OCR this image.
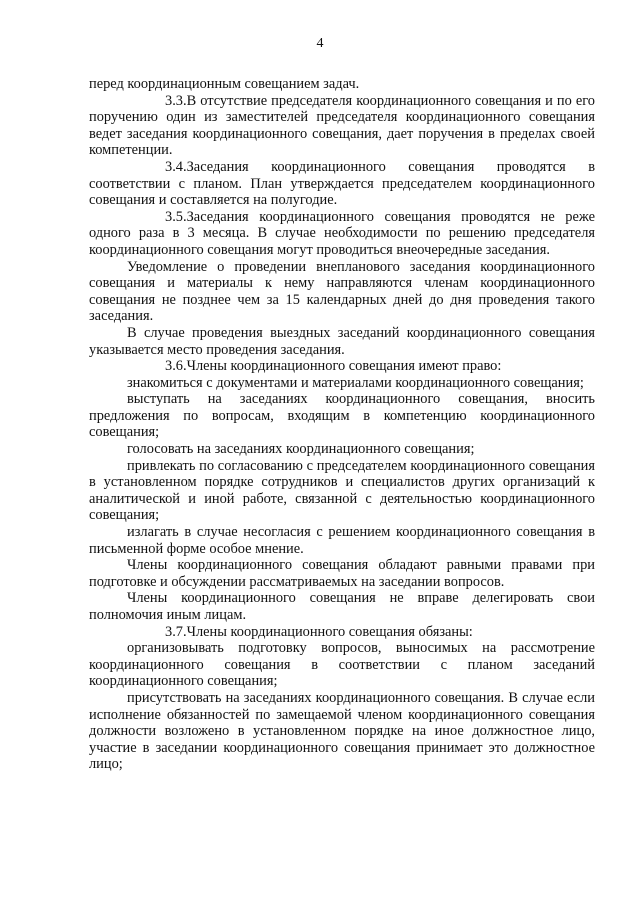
4

перед координационным совещанием задач.

3.3.В отсутствие председателя координационного совещания и по его поручению один из заместителей председателя координационного совещания ведет заседания координационного совещания, дает поручения в пределах своей компетенции.

3.4.Заседания координационного совещания проводятся в соответствии с планом. План утверждается председателем координационного совещания и составляется на полугодие.

3.5.Заседания координационного совещания проводятся не реже одного раза в 3 месяца. В случае необходимости по решению председателя координационного совещания могут проводиться внеочередные заседания.

Уведомление о проведении внепланового заседания координационного совещания и материалы к нему направляются членам координационного совещания не позднее чем за 15 календарных дней до дня проведения такого заседания.

В случае проведения выездных заседаний координационного совещания указывается место проведения заседания.

3.6.Члены координационного совещания имеют право:

знакомиться с документами и материалами координационного совещания;

выступать на заседаниях координационного совещания, вносить предложения по вопросам, входящим в компетенцию координационного совещания;

голосовать на заседаниях координационного совещания;

привлекать по согласованию с председателем координационного совещания в установленном порядке сотрудников и специалистов других организаций к аналитической и иной работе, связанной с деятельностью координационного совещания;

излагать в случае несогласия с решением координационного совещания в письменной форме особое мнение.

Члены координационного совещания обладают равными правами при подготовке и обсуждении рассматриваемых на заседании вопросов.

Члены координационного совещания не вправе делегировать свои полномочия иным лицам.

3.7.Члены координационного совещания обязаны:

организовывать подготовку вопросов, выносимых на рассмотрение координационного совещания в соответствии с планом заседаний координационного совещания;

присутствовать на заседаниях координационного совещания. В случае если исполнение обязанностей по замещаемой членом координационного совещания должности возложено в установленном порядке на иное должностное лицо, участие в заседании координационного совещания принимает это должностное лицо;
